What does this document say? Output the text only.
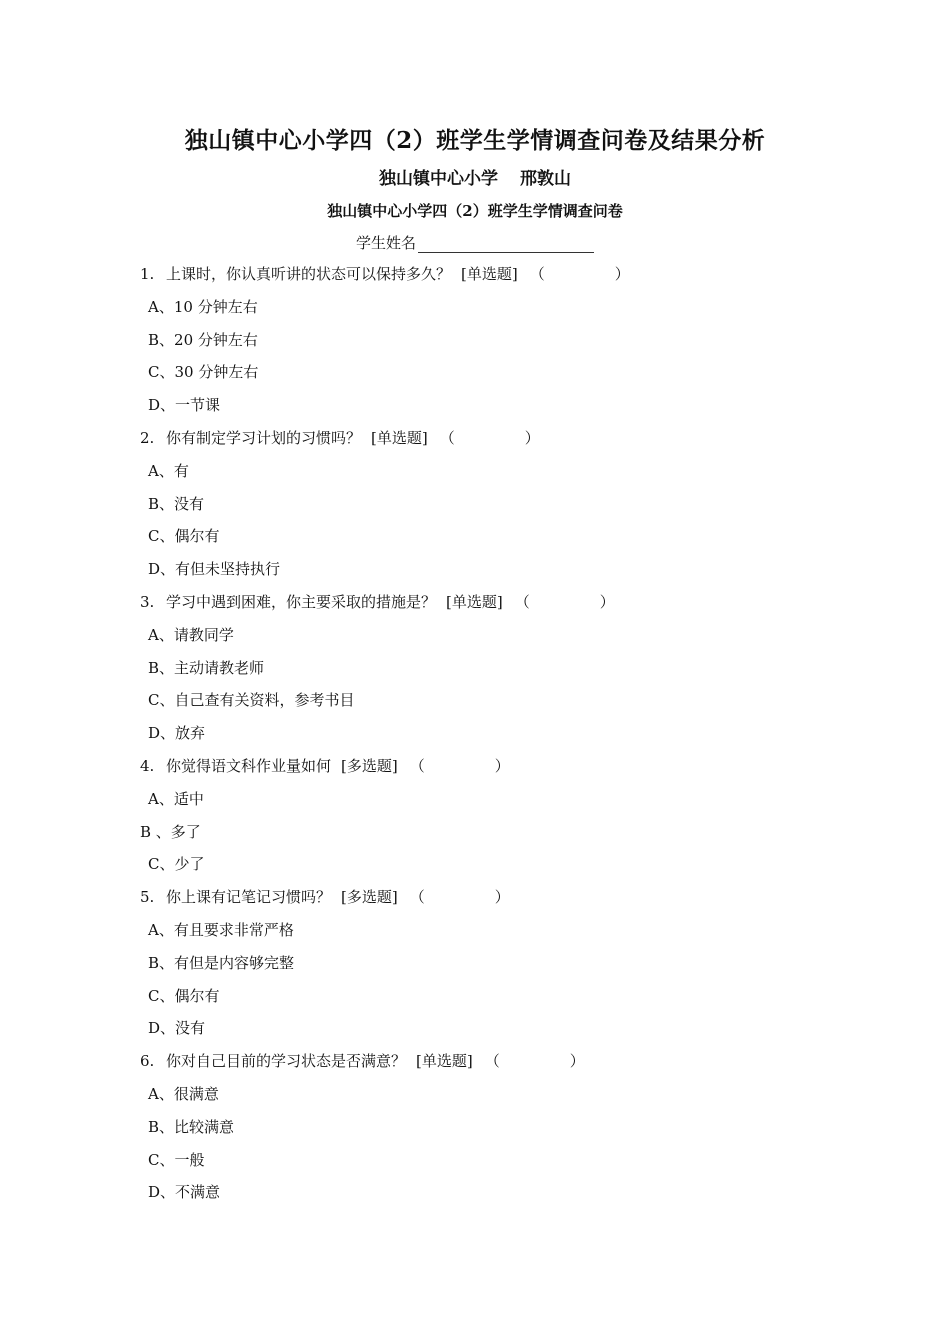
独山镇中心小学四（2）班学生学情调查问卷及结果分析
独山镇中心小学 邢敦山
独山镇中心小学四（2）班学生学情调查问卷
学生姓名
1. 上课时，你认真听讲的状态可以保持多久？ [单选题] （	）
A、10 分钟左右
B、20 分钟左右
C、30 分钟左右
D、一节课
2. 你有制定学习计划的习惯吗？ [单选题] （	）
A、有
B、没有
C、偶尔有
D、有但未坚持执行
3. 学习中遇到困难，你主要采取的措施是？ [单选题] （	）
A、请教同学
B、主动请教老师
C、自己查有关资料，参考书目
D、放弃
4. 你觉得语文科作业量如何 [多选题] （	）
A、适中
B 、多了
C、少了
5. 你上课有记笔记习惯吗？ [多选题] （	）
A、有且要求非常严格
B、有但是内容够完整
C、偶尔有
D、没有
6. 你对自己目前的学习状态是否满意？ [单选题] （	）
A、很满意
B、比较满意
C、一般
D、不满意
